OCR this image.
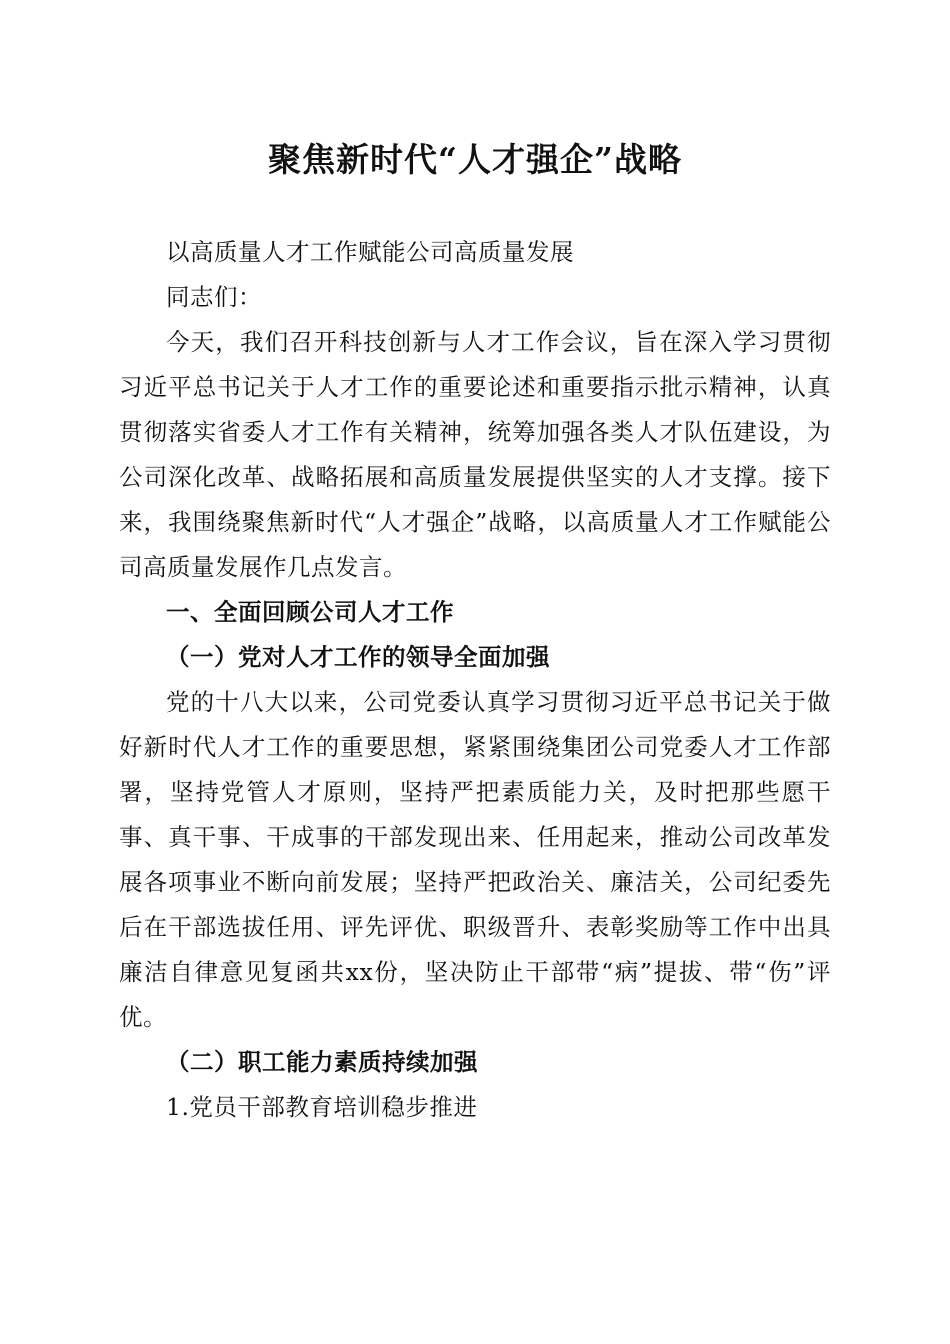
聚焦新时代“人才强企”战略

以高质量人才工作赋能公司高质量发展

同志们：

今天，我们召开科技创新与人才工作会议，旨在深入学习贯彻习近平总书记关于人才工作的重要论述和重要指示批示精神，认真贯彻落实省委人才工作有关精神，统筹加强各类人才队伍建设，为公司深化改革、战略拓展和高质量发展提供坚实的人才支撑。接下来，我围绕聚焦新时代“人才强企”战略，以高质量人才工作赋能公司高质量发展作几点发言。

一、全面回顾公司人才工作

（一）党对人才工作的领导全面加强

党的十八大以来，公司党委认真学习贯彻习近平总书记关于做好新时代人才工作的重要思想，紧紧围绕集团公司党委人才工作部署，坚持党管人才原则，坚持严把素质能力关，及时把那些愿干事、真干事、干成事的干部发现出来、任用起来，推动公司改革发展各项事业不断向前发展；坚持严把政治关、廉洁关，公司纪委先后在干部选拔任用、评先评优、职级晋升、表彰奖励等工作中出具廉洁自律意见复函共xx份，坚决防止干部带“病”提拔、带“伤”评优。

（二）职工能力素质持续加强

1.党员干部教育培训稳步推进
